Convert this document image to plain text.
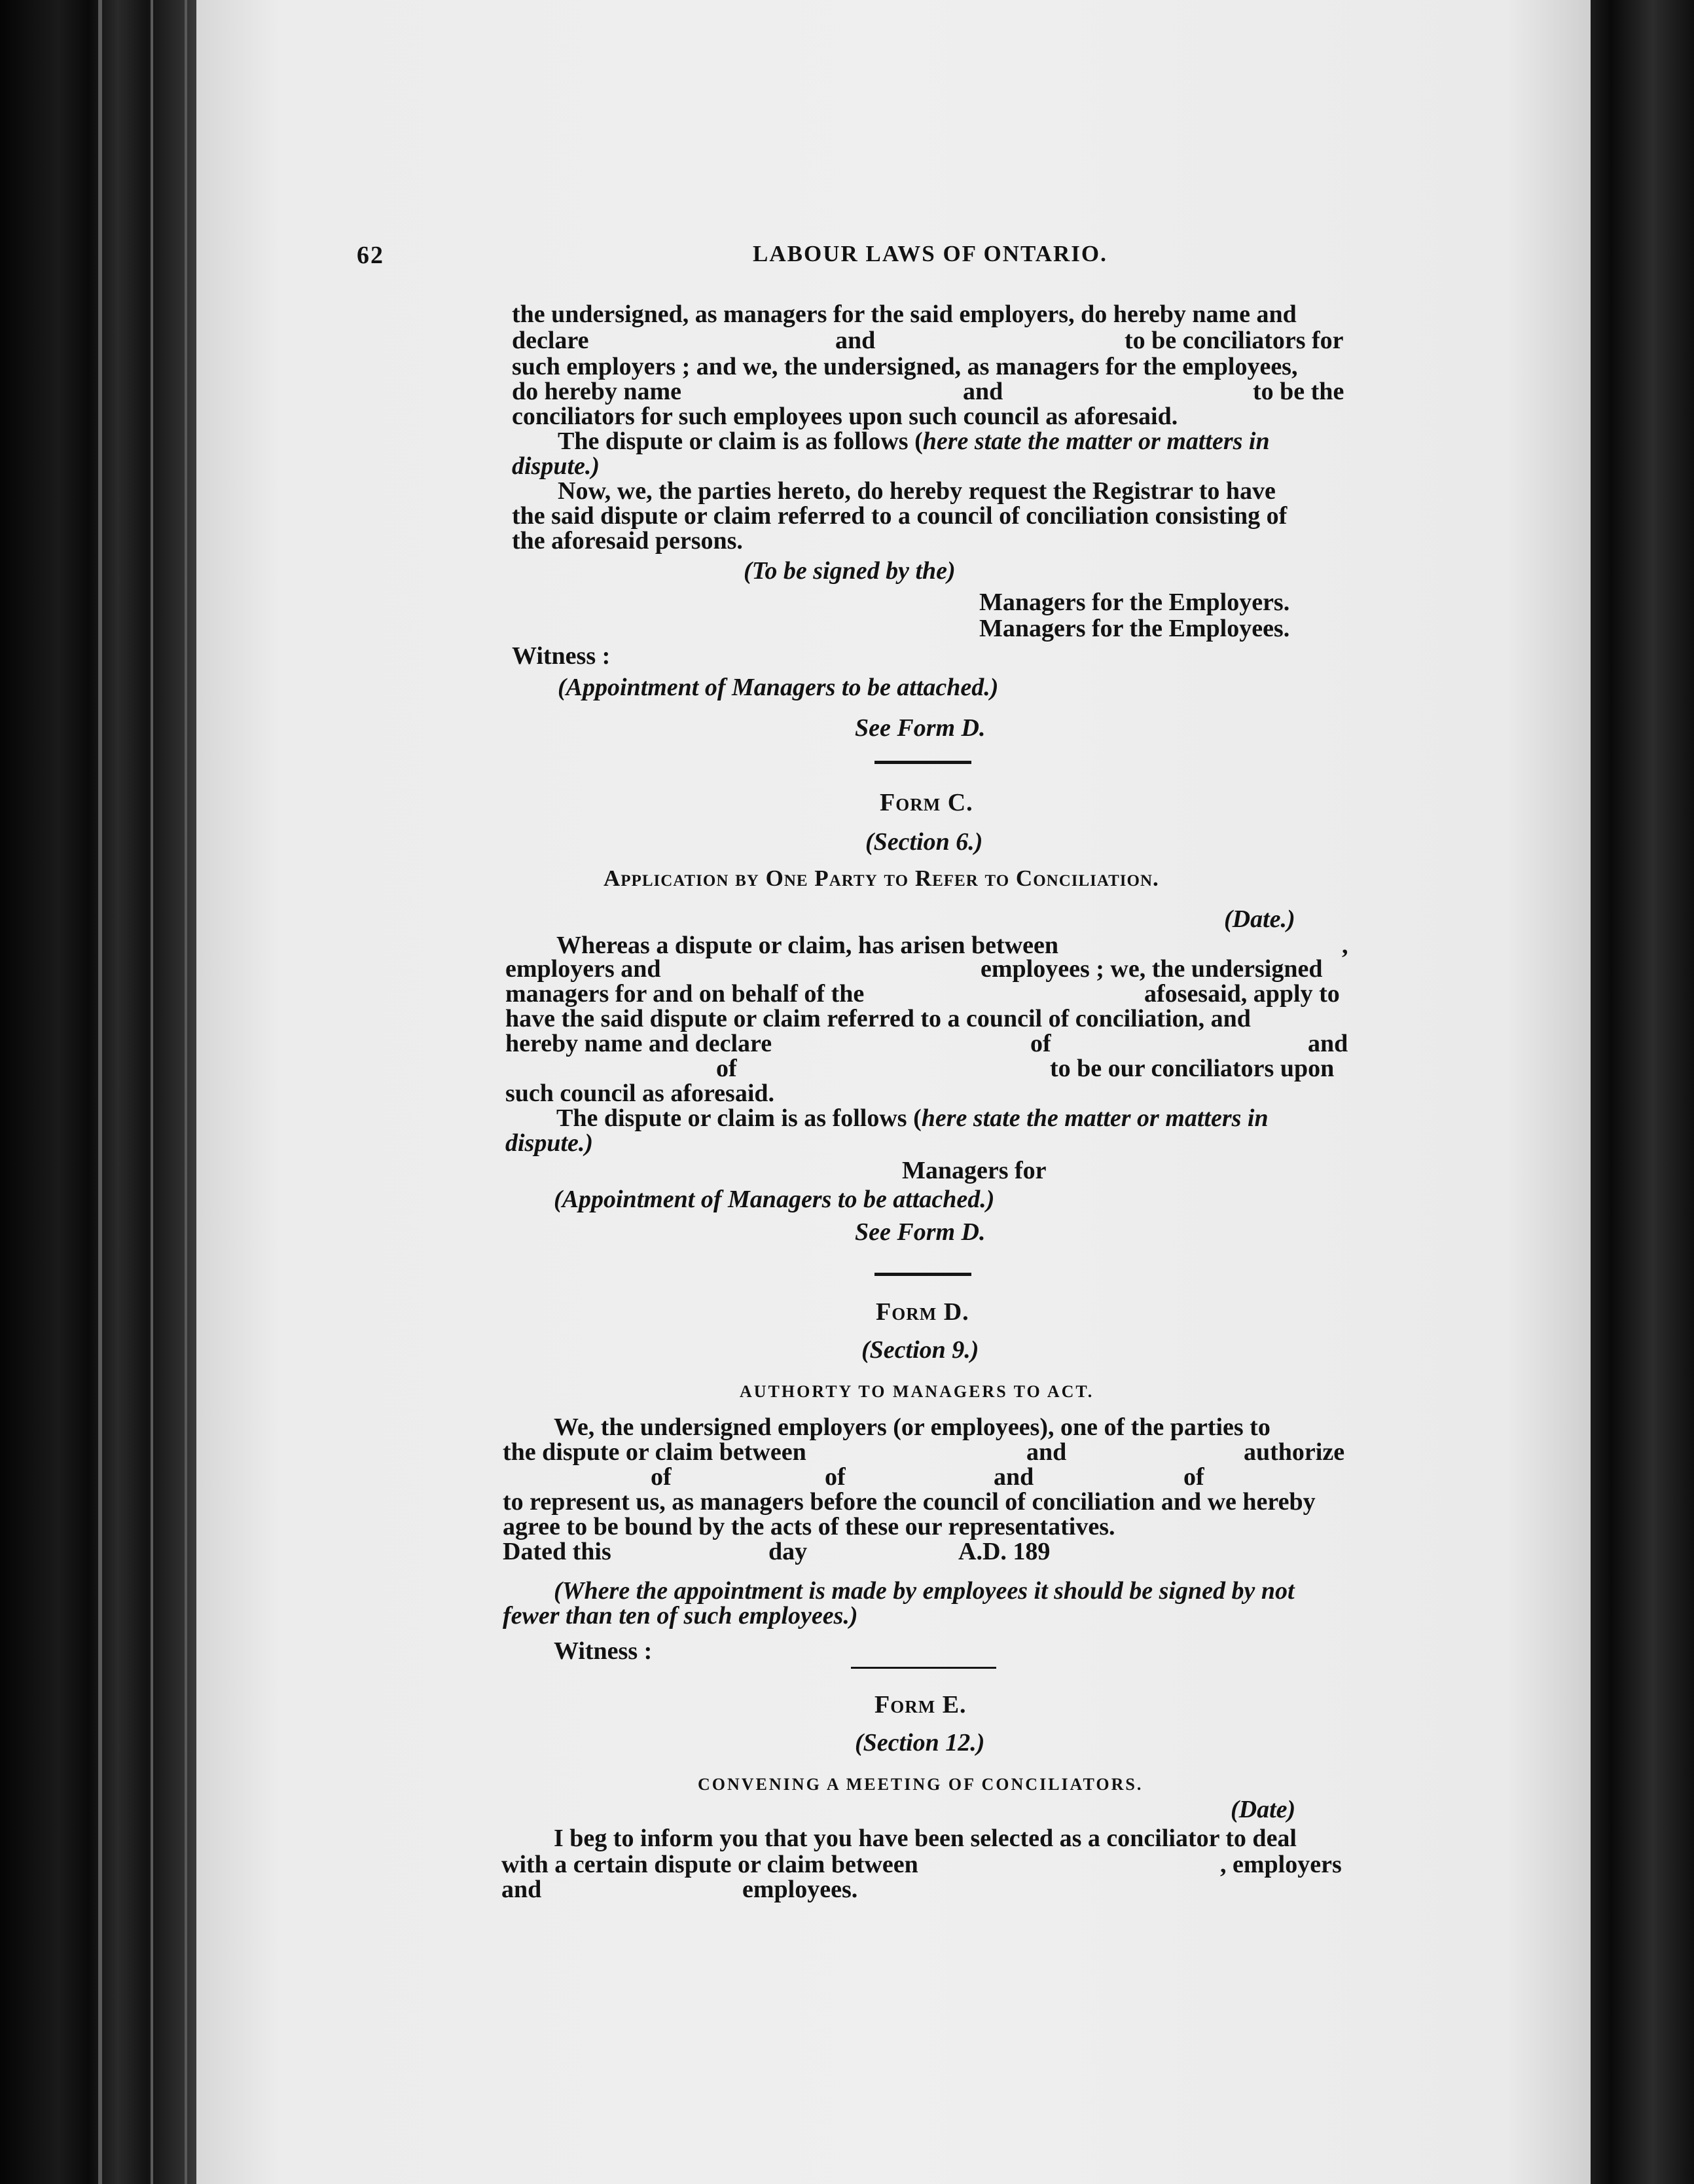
62	LABOUR LAWS OF ONTARIO.
the undersigned, as managers for the said employers, do hereby name and
declare	and	to be conciliators for
such employers ; and we, the undersigned, as managers for the employees,
do hereby name	and	to be the
conciliators for such employees upon such council as aforesaid.
The dispute or claim is as follows (here state the matter or matters in
dispute.)
Now, we, the parties hereto, do hereby request the Registrar to have
the said dispute or claim referred to a council of conciliation consisting of
the aforesaid persons.
(To be signed by the)
Managers for the Employers.
Managers for the Employees.
Witness :
(Appointment of Managers to be attached.)
See Form D.
Form C.
(Section 6.)
Application by One Party to Refer to Conciliation.
(Date.)
Whereas a dispute or claim, has arisen between	,
employers and	employees ; we, the undersigned
managers for and on behalf of the	afosesaid, apply to
have the said dispute or claim referred to a council of conciliation, and
hereby name and declare	of	and
of	to be our conciliators upon
such council as aforesaid.
The dispute or claim is as follows (here state the matter or matters in
dispute.)
Managers for
(Appointment of Managers to be attached.)
See Form D.
Form D.
(Section 9.)
AUTHORTY TO MANAGERS TO ACT.
We, the undersigned employers (or employees), one of the parties to
the dispute or claim between	and	authorize
of	of	and	of
to represent us, as managers before the council of conciliation and we hereby
agree to be bound by the acts of these our representatives.
Dated this	day	A.D. 189
(Where the appointment is made by employees it should be signed by not
fewer than ten of such employees.)
Witness :
Form E.
(Section 12.)
CONVENING A MEETING OF CONCILIATORS.
(Date)
I beg to inform you that you have been selected as a conciliator to deal
with a certain dispute or claim between	, employers
and	employees.
